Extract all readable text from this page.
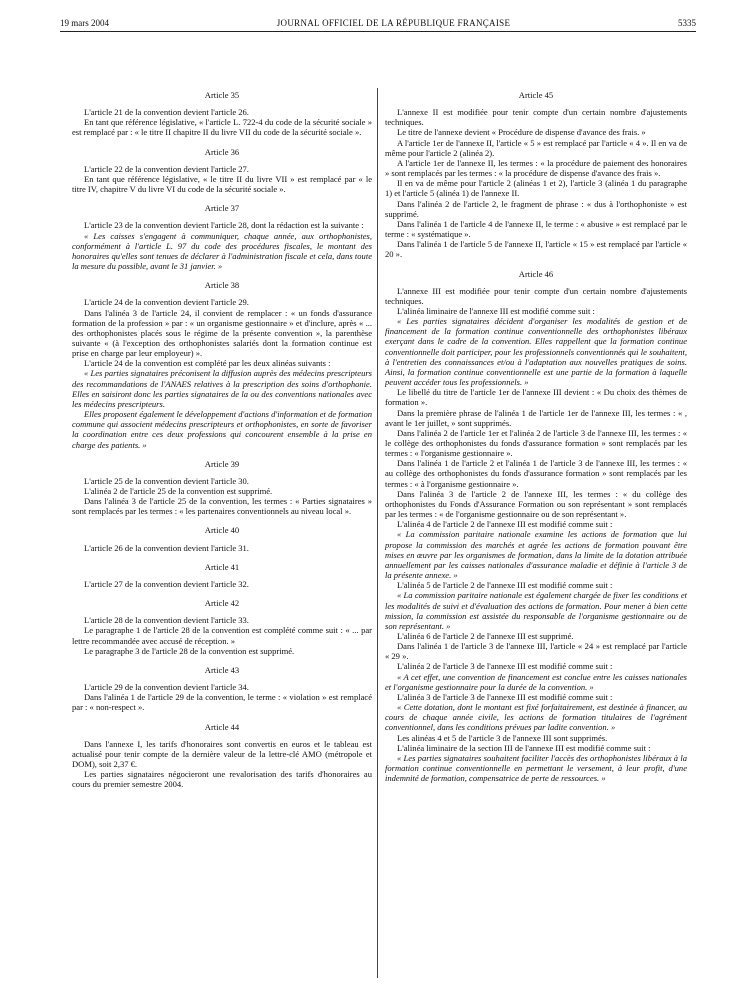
19 mars 2004	JOURNAL OFFICIEL DE LA RÉPUBLIQUE FRANÇAISE	5335
Article 35

L'article 21 de la convention devient l'article 26.

En tant que référence législative, « l'article L. 722-4 du code de la sécurité sociale » est remplacé par : « le titre II chapitre II du livre VII du code de la sécurité sociale ».

Article 36

L'article 22 de la convention devient l'article 27.

En tant que référence législative, « le titre II du livre VII » est remplacé par « le titre IV, chapitre V du livre VI du code de la sécurité sociale ».

Article 37

L'article 23 de la convention devient l'article 28, dont la rédaction est la suivante :

« Les caisses s'engagent à communiquer, chaque année, aux orthophonistes, conformément à l'article L. 97 du code des procédures fiscales, le montant des honoraires qu'elles sont tenues de déclarer à l'administration fiscale et cela, dans toute la mesure du possible, avant le 31 janvier. »

Article 38

L'article 24 de la convention devient l'article 29.

Dans l'alinéa 3 de l'article 24, il convient de remplacer : « un fonds d'assurance formation de la profession » par : « un organisme gestionnaire » et d'inclure, après « ... des orthophonistes placés sous le régime de la présente convention », la parenthèse suivante « (à l'exception des orthophonistes salariés dont la formation continue est prise en charge par leur employeur) ».

L'article 24 de la convention est complété par les deux alinéas suivants :

« Les parties signataires préconisent la diffusion auprès des médecins prescripteurs des recommandations de l'ANAES relatives à la prescription des soins d'orthophonie. Elles en saisiront donc les parties signataires de la ou des conventions nationales avec les médecins prescripteurs.

Elles proposent également le développement d'actions d'information et de formation commune qui associent médecins prescripteurs et orthophonistes, en sorte de favoriser la coordination entre ces deux professions qui concourent ensemble à la prise en charge des patients. »

Article 39

L'article 25 de la convention devient l'article 30.

L'alinéa 2 de l'article 25 de la convention est supprimé.

Dans l'alinéa 3 de l'article 25 de la convention, les termes : « Parties signataires » sont remplacés par les termes : « les partenaires conventionnels au niveau local ».

Article 40

L'article 26 de la convention devient l'article 31.

Article 41

L'article 27 de la convention devient l'article 32.

Article 42

L'article 28 de la convention devient l'article 33.

Le paragraphe 1 de l'article 28 de la convention est complété comme suit : « ... par lettre recommandée avec accusé de réception. »

Le paragraphe 3 de l'article 28 de la convention est supprimé.

Article 43

L'article 29 de la convention devient l'article 34.

Dans l'alinéa 1 de l'article 29 de la convention, le terme : « violation » est remplacé par : « non-respect ».

Article 44

Dans l'annexe I, les tarifs d'honoraires sont convertis en euros et le tableau est actualisé pour tenir compte de la dernière valeur de la lettre-clé AMO (métropole et DOM), soit 2,37 €.

Les parties signataires négocieront une revalorisation des tarifs d'honoraires au cours du premier semestre 2004.

Article 45

L'annexe II est modifiée pour tenir compte d'un certain nombre d'ajustements techniques.

Le titre de l'annexe devient « Procédure de dispense d'avance des frais. »

A l'article 1er de l'annexe II, l'article « 5 » est remplacé par l'article « 4 ». Il en va de même pour l'article 2 (alinéa 2).

A l'article 1er de l'annexe II, les termes : « la procédure de paiement des honoraires » sont remplacés par les termes : « la procédure de dispense d'avance des frais ».

Il en va de même pour l'article 2 (alinéas 1 et 2), l'article 3 (alinéa 1 du paragraphe 1) et l'article 5 (alinéa 1) de l'annexe II.

Dans l'alinéa 2 de l'article 2, le fragment de phrase : « dus à l'orthophoniste » est supprimé.

Dans l'alinéa 1 de l'article 4 de l'annexe II, le terme : « abusive » est remplacé par le terme : « systématique ».

Dans l'alinéa 1 de l'article 5 de l'annexe II, l'article « 15 » est remplacé par l'article « 20 ».

Article 46

L'annexe III est modifiée pour tenir compte d'un certain nombre d'ajustements techniques.

L'alinéa liminaire de l'annexe III est modifié comme suit :

« Les parties signataires décident d'organiser les modalités de gestion et de financement de la formation continue conventionnelle des orthophonistes libéraux exerçant dans le cadre de la convention. Elles rappellent que la formation continue conventionnelle doit participer, pour les professionnels conventionnés qui le souhaitent, à l'entretien des connaissances et/ou à l'adaptation aux nouvelles pratiques de soins. Ainsi, la formation continue conventionnelle est une partie de la formation à laquelle peuvent accéder tous les professionnels. »

Le libellé du titre de l'article 1er de l'annexe III devient : « Du choix des thèmes de formation ».

Dans la première phrase de l'alinéa 1 de l'article 1er de l'annexe III, les termes : « , avant le 1er juillet, » sont supprimés.

Dans l'alinéa 2 de l'article 1er et l'alinéa 2 de l'article 3 de l'annexe III, les termes : « le collège des orthophonistes du fonds d'assurance formation » sont remplacés par les termes : « l'organisme gestionnaire ».

Dans l'alinéa 1 de l'article 2 et l'alinéa 1 de l'article 3 de l'annexe III, les termes : « au collège des orthophonistes du fonds d'assurance formation » sont remplacés par les termes : « à l'organisme gestionnaire ».

Dans l'alinéa 3 de l'article 2 de l'annexe III, les termes : « du collège des orthophonistes du Fonds d'Assurance Formation ou son représentant » sont remplacés par les termes : « de l'organisme gestionnaire ou de son représentant ».

L'alinéa 4 de l'article 2 de l'annexe III est modifié comme suit :

« La commission paritaire nationale examine les actions de formation que lui propose la commission des marchés et agrée les actions de formation pouvant être mises en œuvre par les organismes de formation, dans la limite de la dotation attribuée annuellement par les caisses nationales d'assurance maladie et définie à l'article 3 de la présente annexe. »

L'alinéa 5 de l'article 2 de l'annexe III est modifié comme suit :

« La commission paritaire nationale est également chargée de fixer les conditions et les modalités de suivi et d'évaluation des actions de formation. Pour mener à bien cette mission, la commission est assistée du responsable de l'organisme gestionnaire ou de son représentant. »

L'alinéa 6 de l'article 2 de l'annexe III est supprimé.

Dans l'alinéa 1 de l'article 3 de l'annexe III, l'article « 24 » est remplacé par l'article « 29 ».

L'alinéa 2 de l'article 3 de l'annexe III est modifié comme suit :

« A cet effet, une convention de financement est conclue entre les caisses nationales et l'organisme gestionnaire pour la durée de la convention. »

L'alinéa 3 de l'article 3 de l'annexe III est modifié comme suit :

« Cette dotation, dont le montant est fixé forfaitairement, est destinée à financer, au cours de chaque année civile, les actions de formation titulaires de l'agrément conventionnel, dans les conditions prévues par ladite convention. »

Les alinéas 4 et 5 de l'article 3 de l'annexe III sont supprimés.

L'alinéa liminaire de la section III de l'annexe III est modifié comme suit :

« Les parties signataires souhaitent faciliter l'accès des orthophonistes libéraux à la formation continue conventionnelle en permettant le versement, à leur profit, d'une indemnité de formation, compensatrice de perte de ressources. »
